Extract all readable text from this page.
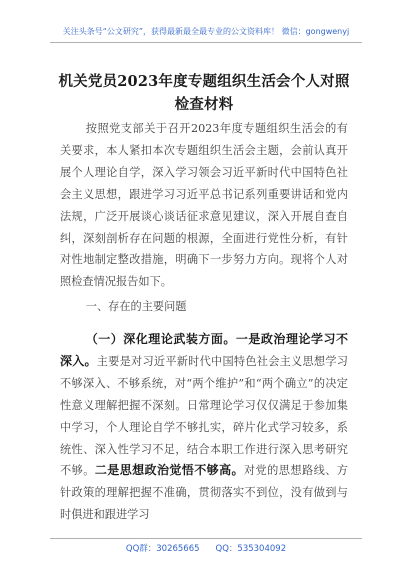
关注头条号“公文研究”，获得最新最全最专业的公文资料库！ 微信：gongwenyj
机关党员2023年度专题组织生活会个人对照检查材料
按照党支部关于召开2023年度专题组织生活会的有关要求，本人紧扣本次专题组织生活会主题，会前认真开展个人理论自学，深入学习领会习近平新时代中国特色社会主义思想，跟进学习习近平总书记系列重要讲话和党内法规，广泛开展谈心谈话征求意见建议，深入开展自查自纠，深刻剖析存在问题的根源，全面进行党性分析，有针对性地制定整改措施，明确下一步努力方向。现将个人对照检查情况报告如下。
一、存在的主要问题
（一）深化理论武装方面。一是政治理论学习不深入。主要是对习近平新时代中国特色社会主义思想学习不够深入、不够系统，对“两个维护”和“两个确立”的决定性意义理解把握不深刻。日常理论学习仅仅满足于参加集中学习，个人理论自学不够扎实，碎片化式学习较多，系统性、深入性学习不足，结合本职工作进行深入思考研究不够。二是思想政治觉悟不够高。对党的思想路线、方针政策的理解把握不准确，贯彻落实不到位，没有做到与时俱进和跟进学习
QQ群：30265665 QQ：535304092
